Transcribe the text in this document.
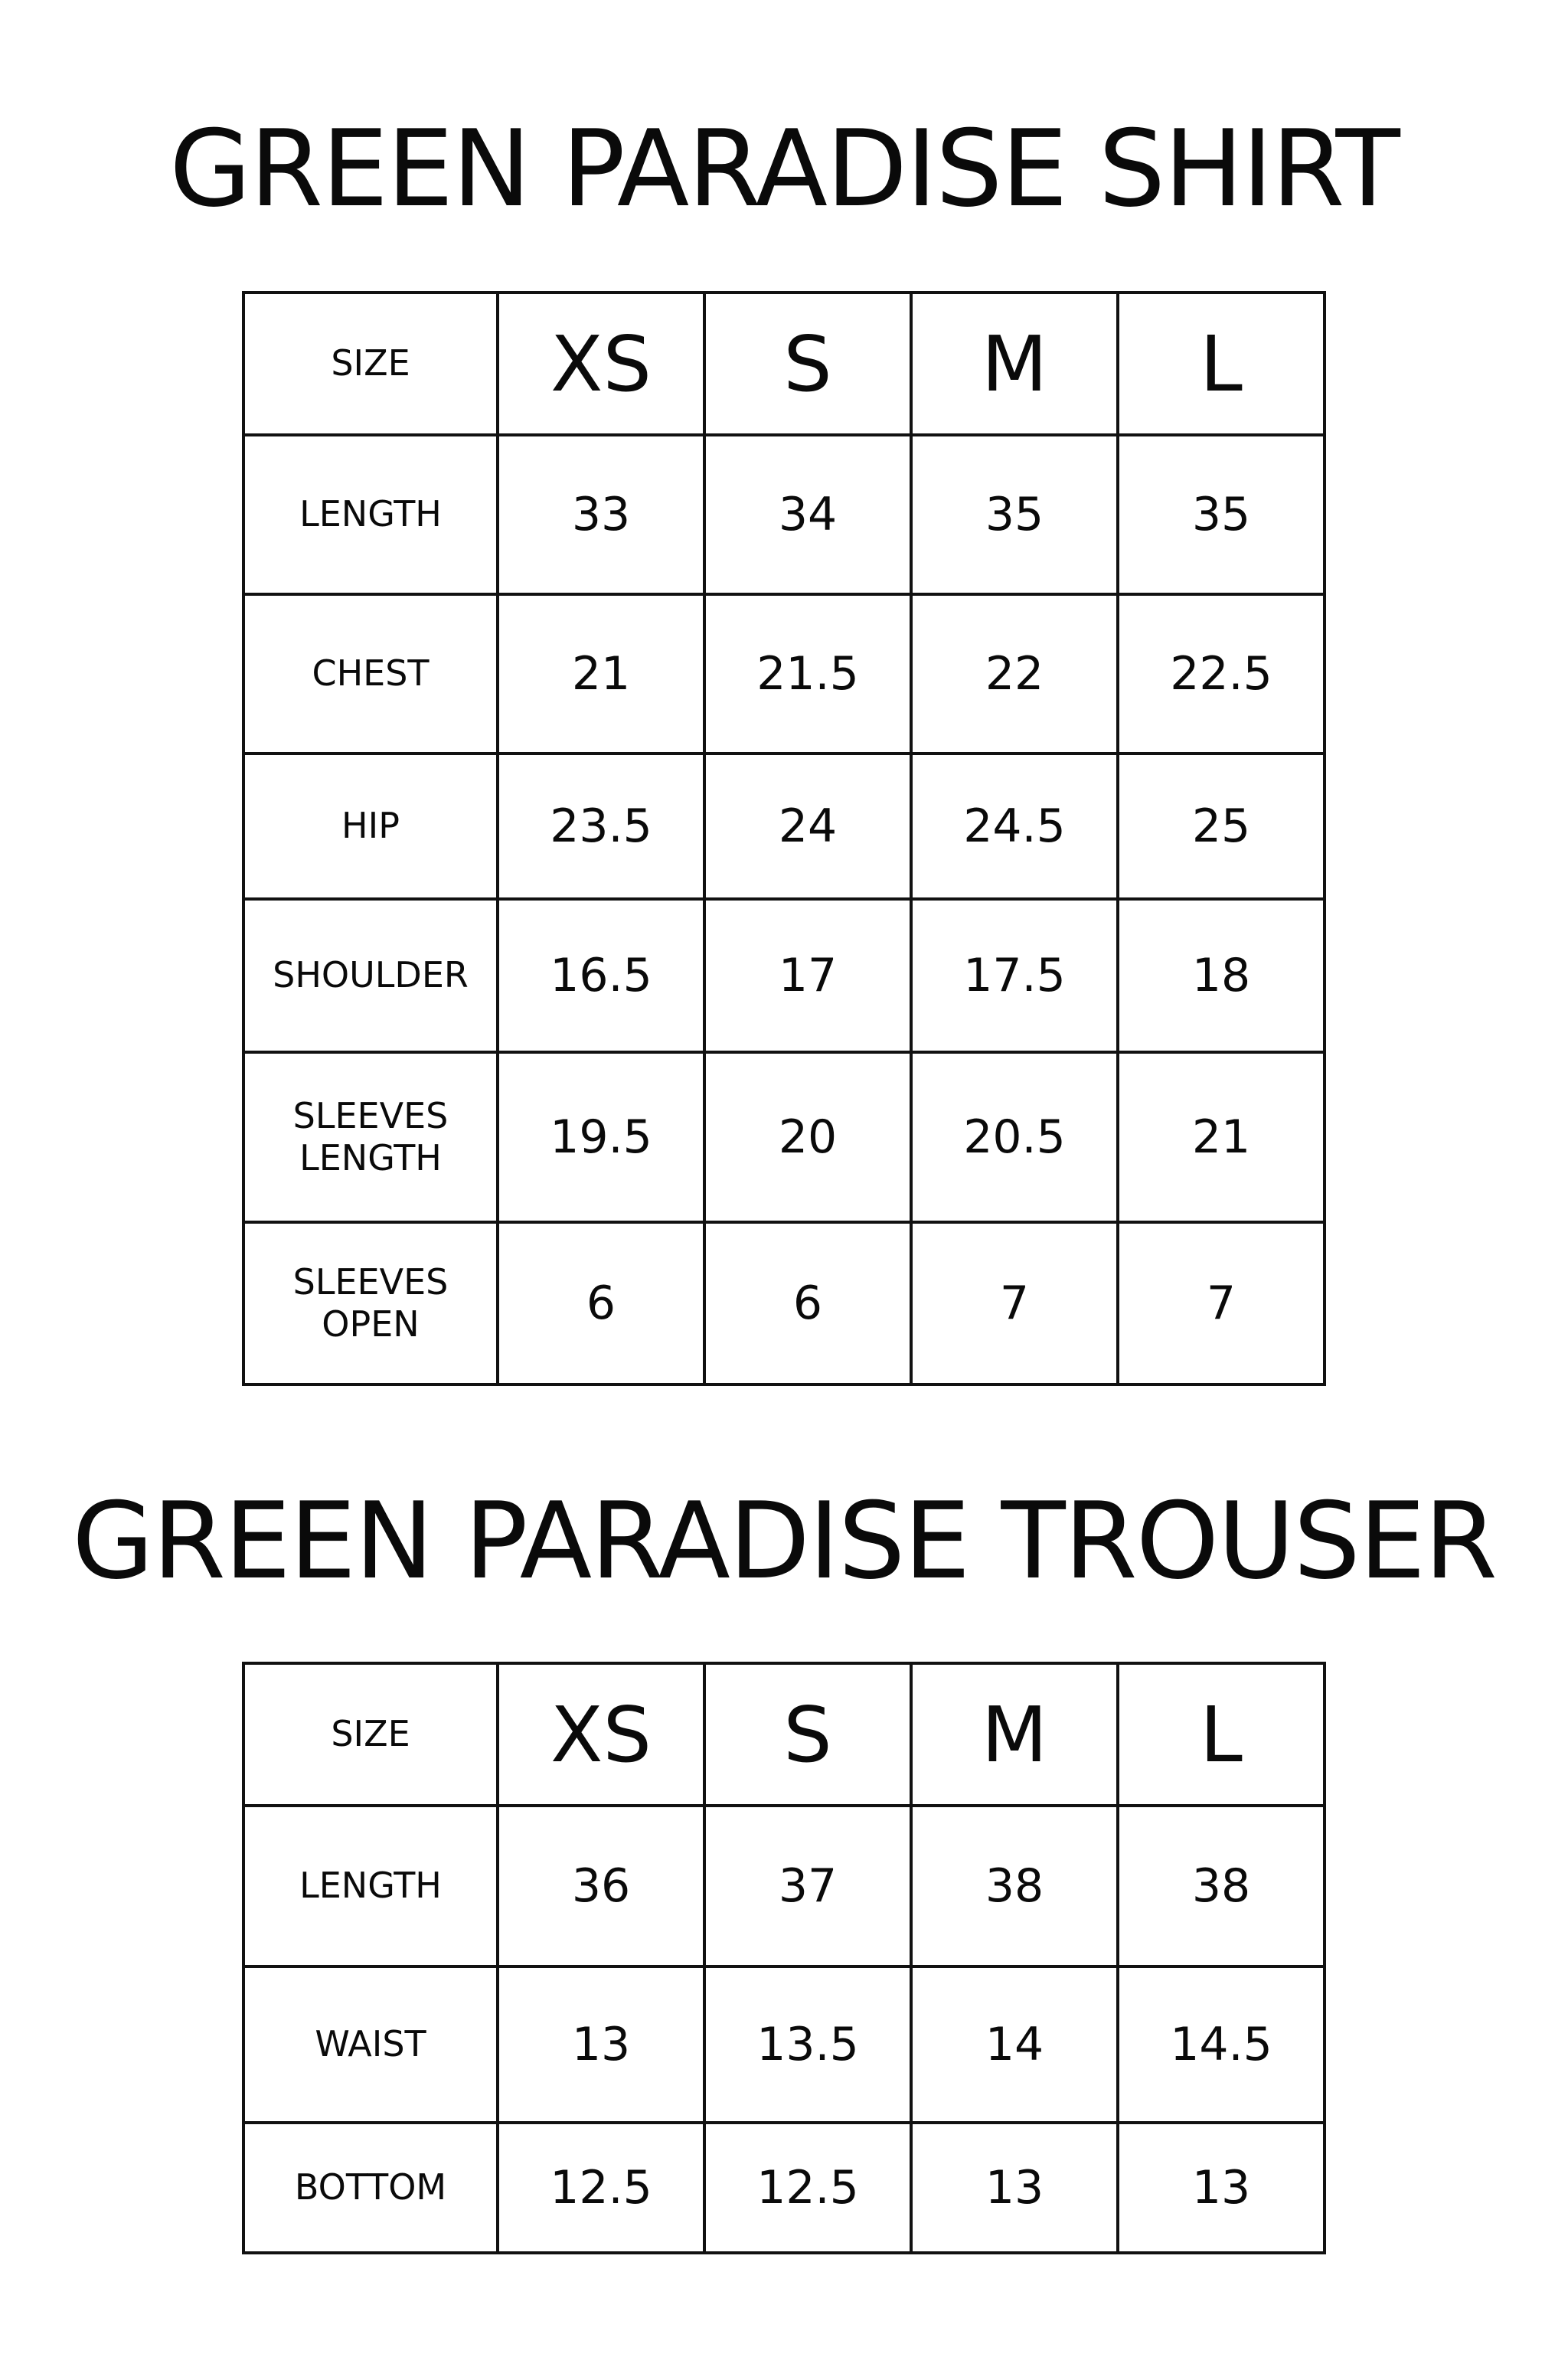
GREEN PARADISE SHIRT
SIZE	XS	S	M	L
LENGTH	33	34	35	35
CHEST	21	21.5	22	22.5
HIP	23.5	24	24.5	25
SHOULDER	16.5	17	17.5	18
SLEEVES
LENGTH	19.5	20	20.5	21
SLEEVES
OPEN	6	6	7	7
GREEN PARADISE TROUSER
SIZE	XS	S	M	L
LENGTH	36	37	38	38
WAIST	13	13.5	14	14.5
BOTTOM	12.5	12.5	13	13
